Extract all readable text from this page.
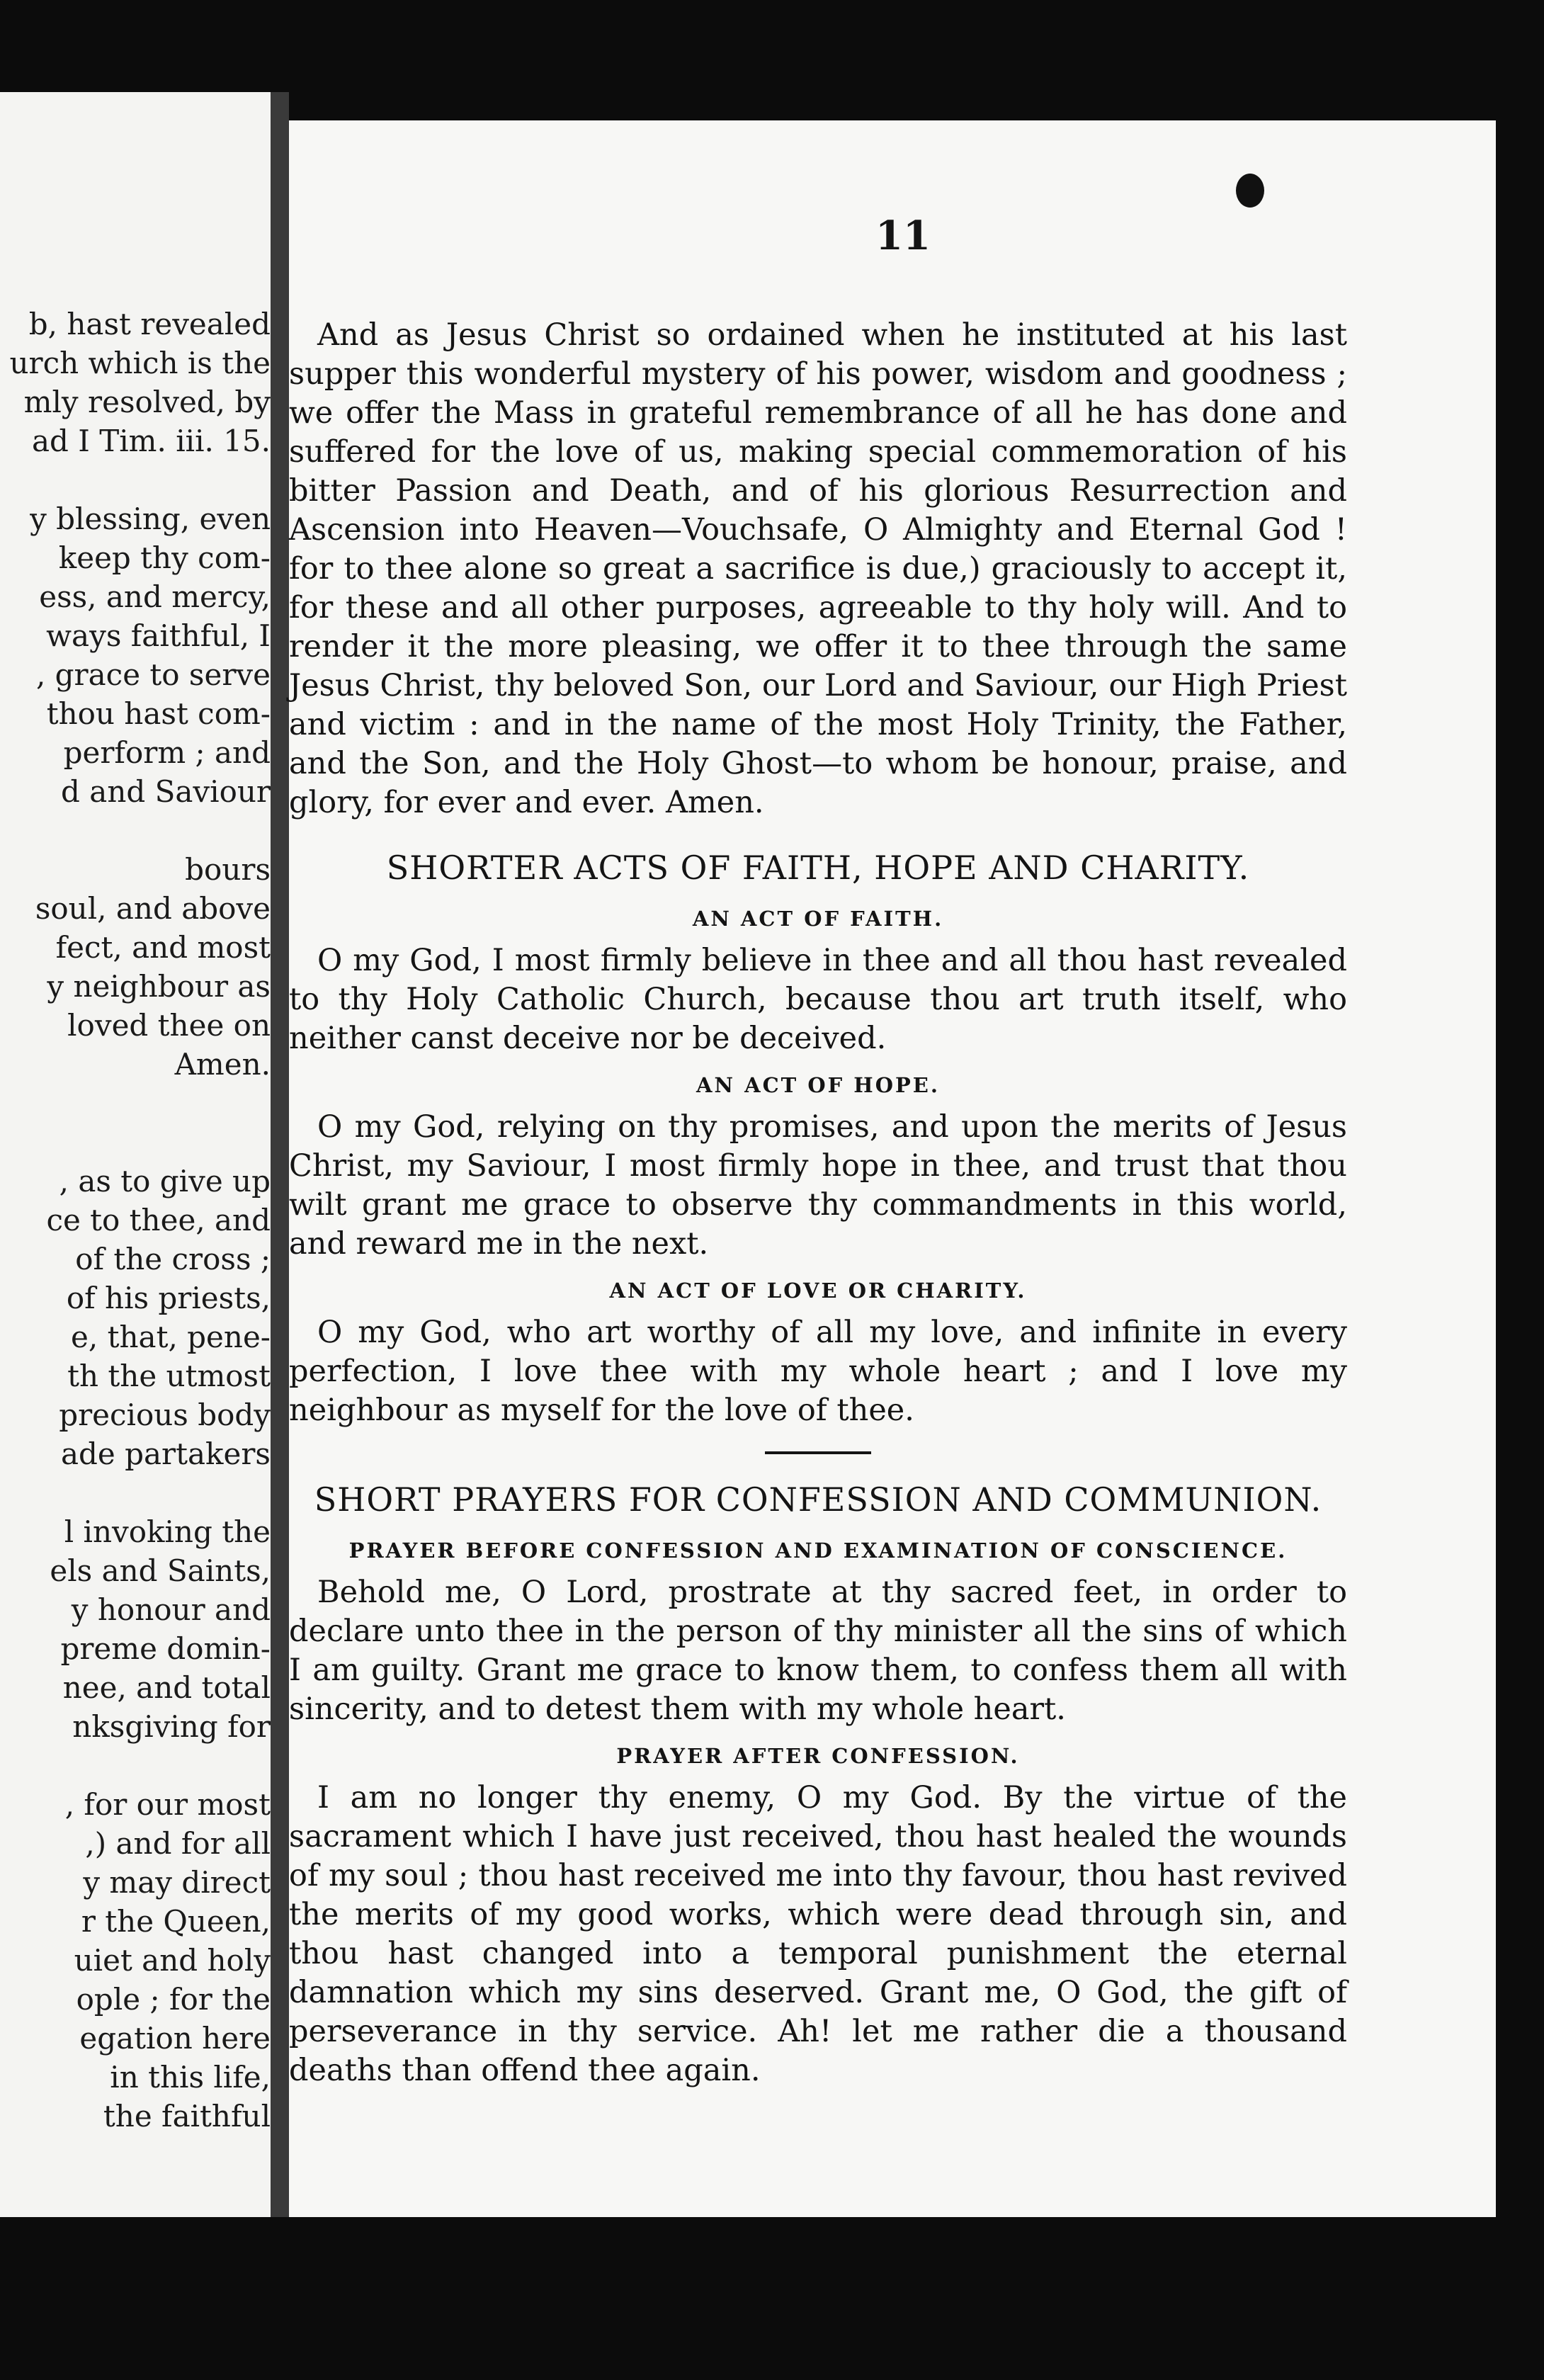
b, hast revealed
urch which is the
mly resolved, by
ad I Tim. iii. 15.

y blessing, even
keep thy com-
ess, and mercy,
ways faithful, I
, grace to serve
thou hast com-
perform ; and
d and Saviour

bours
soul, and above
fect, and most
y neighbour as
loved thee on
Amen.

, as to give up
ce to thee, and
of the cross ;
of his priests,
e, that, pene-
th the utmost
precious body
ade partakers

l invoking the
els and Saints,
y honour and
preme domin-
nee, and total
nksgiving for

, for our most
,) and for all
y may direct
r the Queen,
uiet and holy
ople ; for the
egation here
in this life,
the faithful
11

And as Jesus Christ so ordained when he instituted at his last supper this wonderful mystery of his power, wisdom and goodness ; we offer the Mass in grateful remembrance of all he has done and suffered for the love of us, making special commemoration of his bitter Passion and Death, and of his glorious Resurrection and Ascension into Heaven—Vouchsafe, O Almighty and Eternal God ! for to thee alone so great a sacrifice is due,) graciously to accept it, for these and all other purposes, agreeable to thy holy will. And to render it the more pleasing, we offer it to thee through the same Jesus Christ, thy beloved Son, our Lord and Saviour, our High Priest and victim : and in the name of the most Holy Trinity, the Father, and the Son, and the Holy Ghost—to whom be honour, praise, and glory, for ever and ever. Amen.

SHORTER ACTS OF FAITH, HOPE AND CHARITY.
AN ACT OF FAITH.

O my God, I most firmly believe in thee and all thou hast revealed to thy Holy Catholic Church, because thou art truth itself, who neither canst deceive nor be deceived.

AN ACT OF HOPE.

O my God, relying on thy promises, and upon the merits of Jesus Christ, my Saviour, I most firmly hope in thee, and trust that thou wilt grant me grace to observe thy commandments in this world, and reward me in the next.

AN ACT OF LOVE OR CHARITY.

O my God, who art worthy of all my love, and infinite in every perfection, I love thee with my whole heart ; and I love my neighbour as myself for the love of thee.

SHORT PRAYERS FOR CONFESSION AND COMMUNION.
PRAYER BEFORE CONFESSION AND EXAMINATION OF CONSCIENCE.

Behold me, O Lord, prostrate at thy sacred feet, in order to declare unto thee in the person of thy minister all the sins of which I am guilty. Grant me grace to know them, to confess them all with sincerity, and to detest them with my whole heart.

PRAYER AFTER CONFESSION.

I am no longer thy enemy, O my God. By the virtue of the sacrament which I have just received, thou hast healed the wounds of my soul ; thou hast received me into thy favour, thou hast revived the merits of my good works, which were dead through sin, and thou hast changed into a temporal punishment the eternal damnation which my sins deserved. Grant me, O God, the gift of perseverance in thy service. Ah! let me rather die a thousand deaths than offend thee again.
